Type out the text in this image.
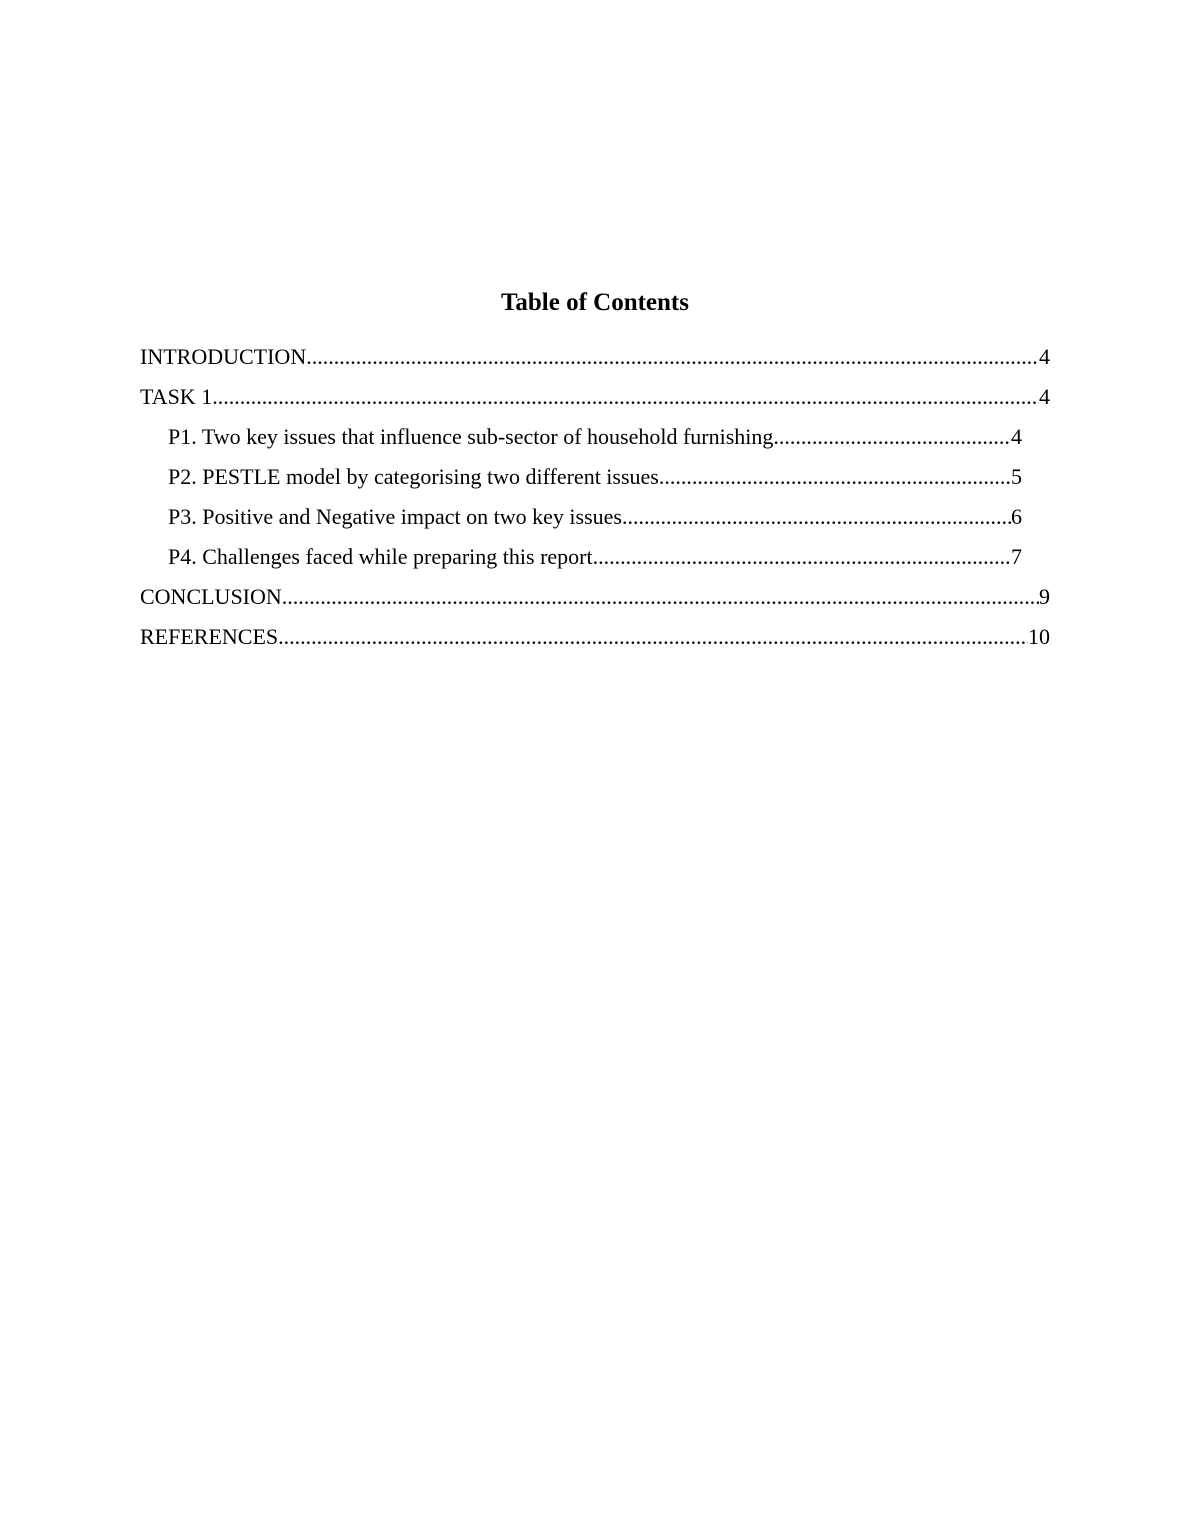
Table of Contents
INTRODUCTION .....	4
TASK 1 .....	4
P1. Two key issues that influence sub-sector of household furnishing .....	4
P2. PESTLE model by categorising two different issues .....	5
P3. Positive and Negative impact on two key issues .....	6
P4. Challenges faced while preparing this report .....	7
CONCLUSION .....	9
REFERENCES .....	10
